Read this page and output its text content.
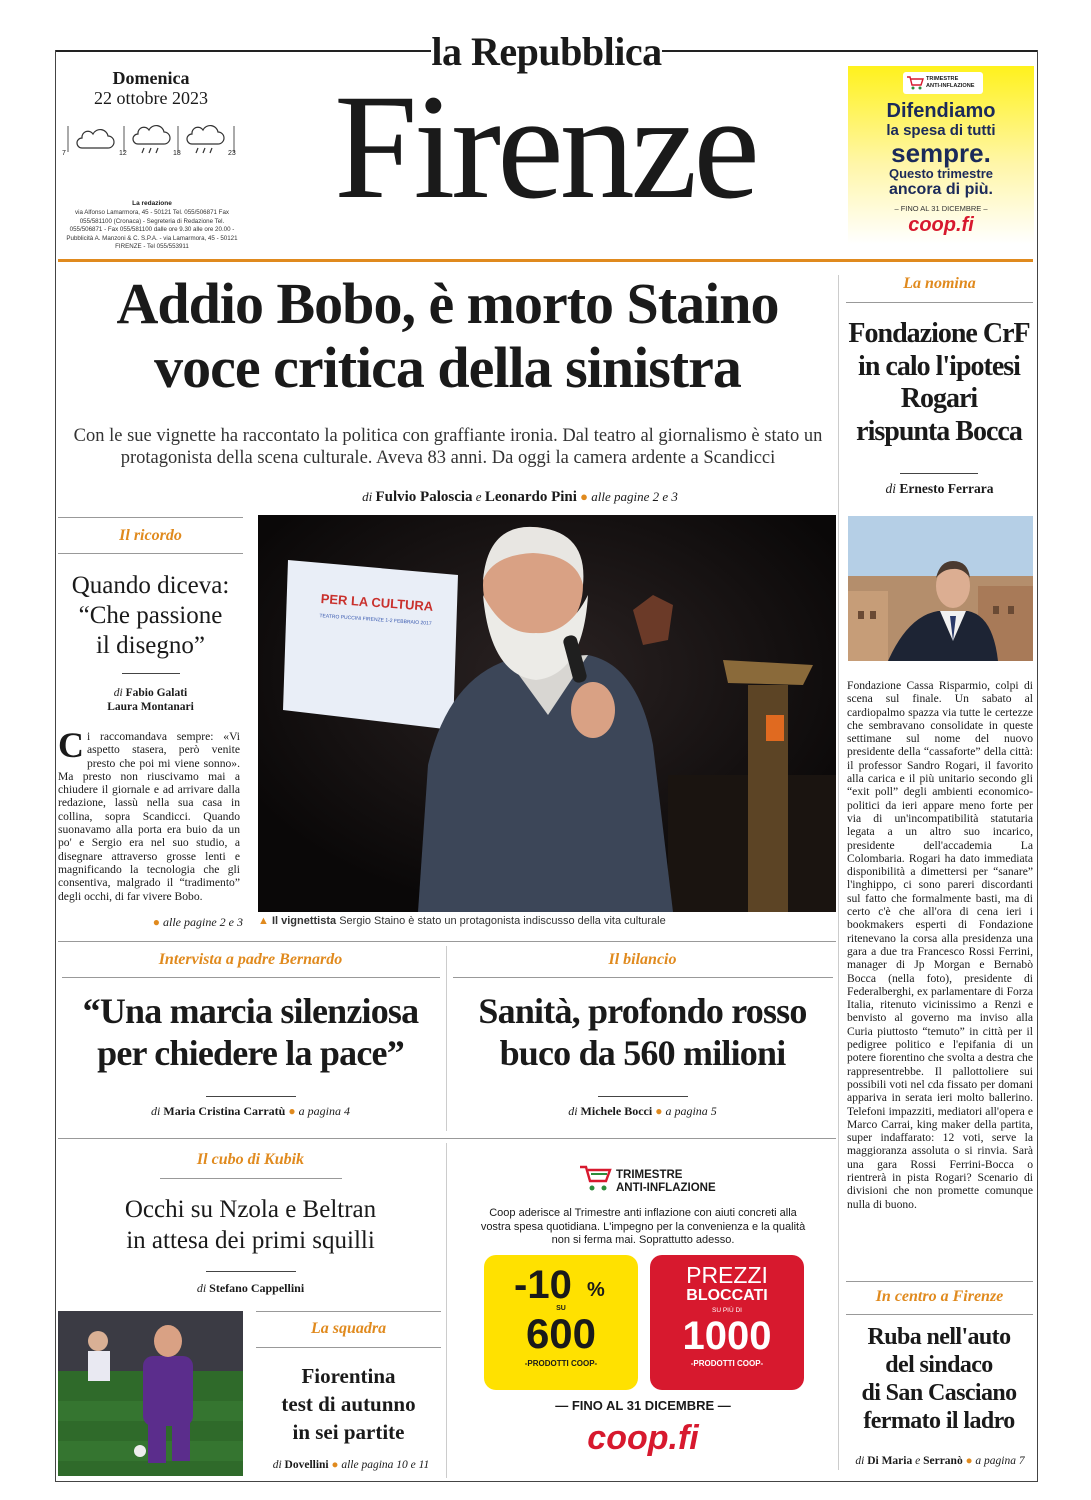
la Repubblica
Domenica
22 ottobre 2023
7	12	18	23
La redazione
via Alfonso Lamarmora, 45 - 50121 Tel. 055/506871 Fax 055/581100 (Cronaca) - Segreteria di Redazione Tel. 055/506871 - Fax 055/581100 dalle ore 9.30 alle ore 20.00 - Pubblicità A. Manzoni & C. S.P.A. - via Lamarmora, 45 - 50121 FIRENZE - Tel 055/553911
Firenze	TRIMESTRE
ANTI-INFLAZIONE
Difendiamo
la spesa di tutti
sempre.
Questo trimestre
ancora di più.
– FINO AL 31 DICEMBRE –
coop.fi
Addio Bobo, è morto Staino
voce critica della sinistra
Con le sue vignette ha raccontato la politica con graffiante ironia. Dal teatro al giornalismo è stato un protagonista della scena culturale. Aveva 83 anni. Da oggi la camera ardente a Scandicci
di Fulvio Paloscia e Leonardo Pini ● alle pagine 2 e 3
PER LA CULTURA
TEATRO PUCCINI FIRENZE 1-2 FEBBRAIO 2017
▲ Il vignettista Sergio Staino è stato un protagonista indiscusso della vita culturale
Il ricordo
Quando diceva:
“Che passione
il disegno”
di Fabio Galati
Laura Montanari
Ci raccomandava sempre: «Vi aspetto stasera, però venite presto che poi mi viene sonno». Ma presto non riuscivamo mai a chiudere il giornale e ad arrivare dalla redazione, lassù nella sua casa in collina, sopra Scandicci. Quando suonavamo alla porta era buio da un po' e Sergio era nel suo studio, a disegnare attraverso grosse lenti e magnificando la tecnologia che gli consentiva, malgrado il “tradimento” degli occhi, di far vivere Bobo.
● alle pagine 2 e 3
La nomina
Fondazione CrF
in calo l'ipotesi
Rogari
rispunta Bocca
di Ernesto Ferrara
Fondazione Cassa Risparmio, colpi di scena sul finale. Un sabato al cardiopalmo spazza via tutte le certezze che sembravano consolidate in queste settimane sul nome del nuovo presidente della “cassaforte” della città: il professor Sandro Rogari, il favorito alla carica e il più unitario secondo gli “exit poll” degli ambienti economico-politici da ieri appare meno forte per via di un'incompatibilità statutaria legata a un altro suo incarico, presidente dell'accademia La Colombaria. Rogari ha dato immediata disponibilità a dimettersi per “sanare” l'inghippo, ci sono pareri discordanti sul fatto che formalmente basti, ma di certo c'è che all'ora di cena ieri i bookmakers esperti di Fondazione ritenevano la corsa alla presidenza una gara a due tra Francesco Rossi Ferrini, manager di Jp Morgan e Bernabò Bocca (nella foto), presidente di Federalberghi, ex parlamentare di Forza Italia, ritenuto vicinissimo a Renzi e benvisto al governo ma inviso alla Curia piuttosto “temuto” in città per il pedigree politico e l'epifania di un potere fiorentino che svolta a destra che rappresentrebbe. Il pallottoliere sui possibili voti nel cda fissato per domani appariva in serata ieri molto ballerino. Telefoni impazziti, mediatori all'opera e Marco Carrai, king maker della partita, super indaffarato: 12 voti, serve la maggioranza assoluta o si rinvia. Sarà una gara Rossi Ferrini-Bocca o rientrerà in pista Rogari? Scenario di divisioni che non promette comunque nulla di buono.
Intervista a padre Bernardo
“Una marcia silenziosa
per chiedere la pace”
di Maria Cristina Carratù ● a pagina 4
Il bilancio
Sanità, profondo rosso
buco da 560 milioni
di Michele Bocci ● a pagina 5
Il cubo di Kubik
Occhi su Nzola e Beltran
in attesa dei primi squilli
di Stefano Cappellini
La squadra
Fiorentina
test di autunno
in sei partite
di Dovellini ● alle pagina 10 e 11
TRIMESTRE
ANTI-INFLAZIONE
Coop aderisce al Trimestre anti inflazione con aiuti concreti alla vostra spesa quotidiana. L'impegno per la convenienza e la qualità non si ferma mai. Soprattutto adesso.
-10 %
SU
600
-PRODOTTI COOP-
PREZZI
BLOCCATI
SU PIÙ DI
1000
-PRODOTTI COOP-
— FINO AL 31 DICEMBRE —
coop.fi
In centro a Firenze
Ruba nell'auto
del sindaco
di San Casciano
fermato il ladro
di Di Maria e Serranò ● a pagina 7
